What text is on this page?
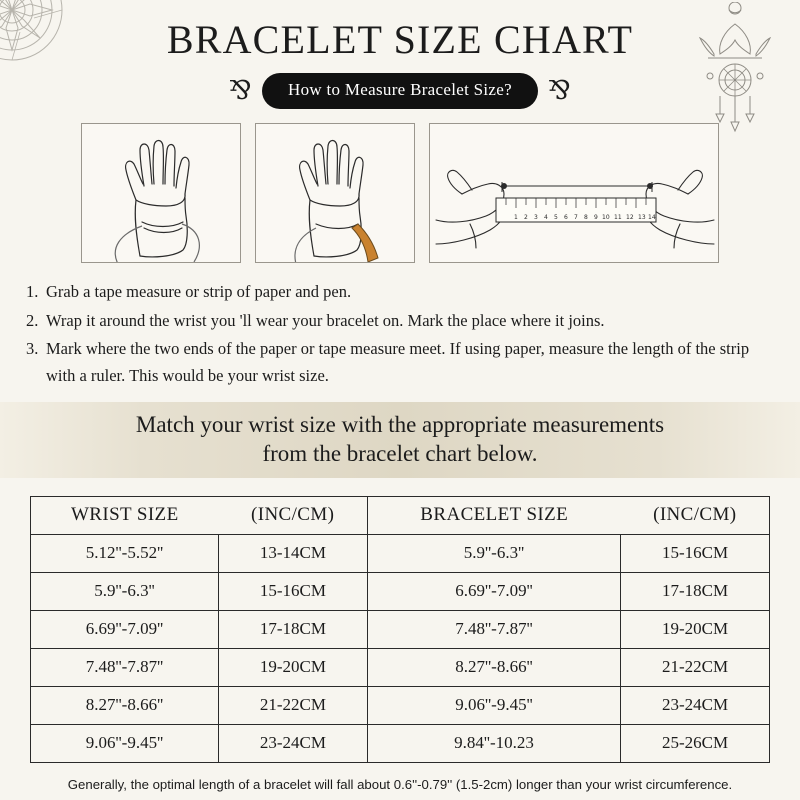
BRACELET SIZE CHART
⅋	How to Measure Bracelet Size?	⅋
1 2 3 4 5 6 7 8 9 10 11 12 13 14
1. Grab a tape measure or strip of paper and pen.
2. Wrap it around the wrist you 'll wear your bracelet on. Mark the place where it joins.
3. Mark where the two ends of the paper or tape measure meet. If using paper, measure the length of the strip with a ruler. This would be your wrist size.
Match your wrist size with the appropriate measurements
from the bracelet chart below.
WRIST SIZE	(INC/CM)	BRACELET SIZE	(INC/CM)
5.12''-5.52''	13-14CM	5.9''-6.3''	15-16CM
5.9''-6.3''	15-16CM	6.69''-7.09''	17-18CM
6.69''-7.09''	17-18CM	7.48''-7.87''	19-20CM
7.48''-7.87''	19-20CM	8.27''-8.66''	21-22CM
8.27''-8.66''	21-22CM	9.06''-9.45''	23-24CM
9.06''-9.45''	23-24CM	9.84''-10.23	25-26CM
Generally, the optimal length of a bracelet will fall about 0.6''-0.79'' (1.5-2cm) longer than your wrist circumference.
